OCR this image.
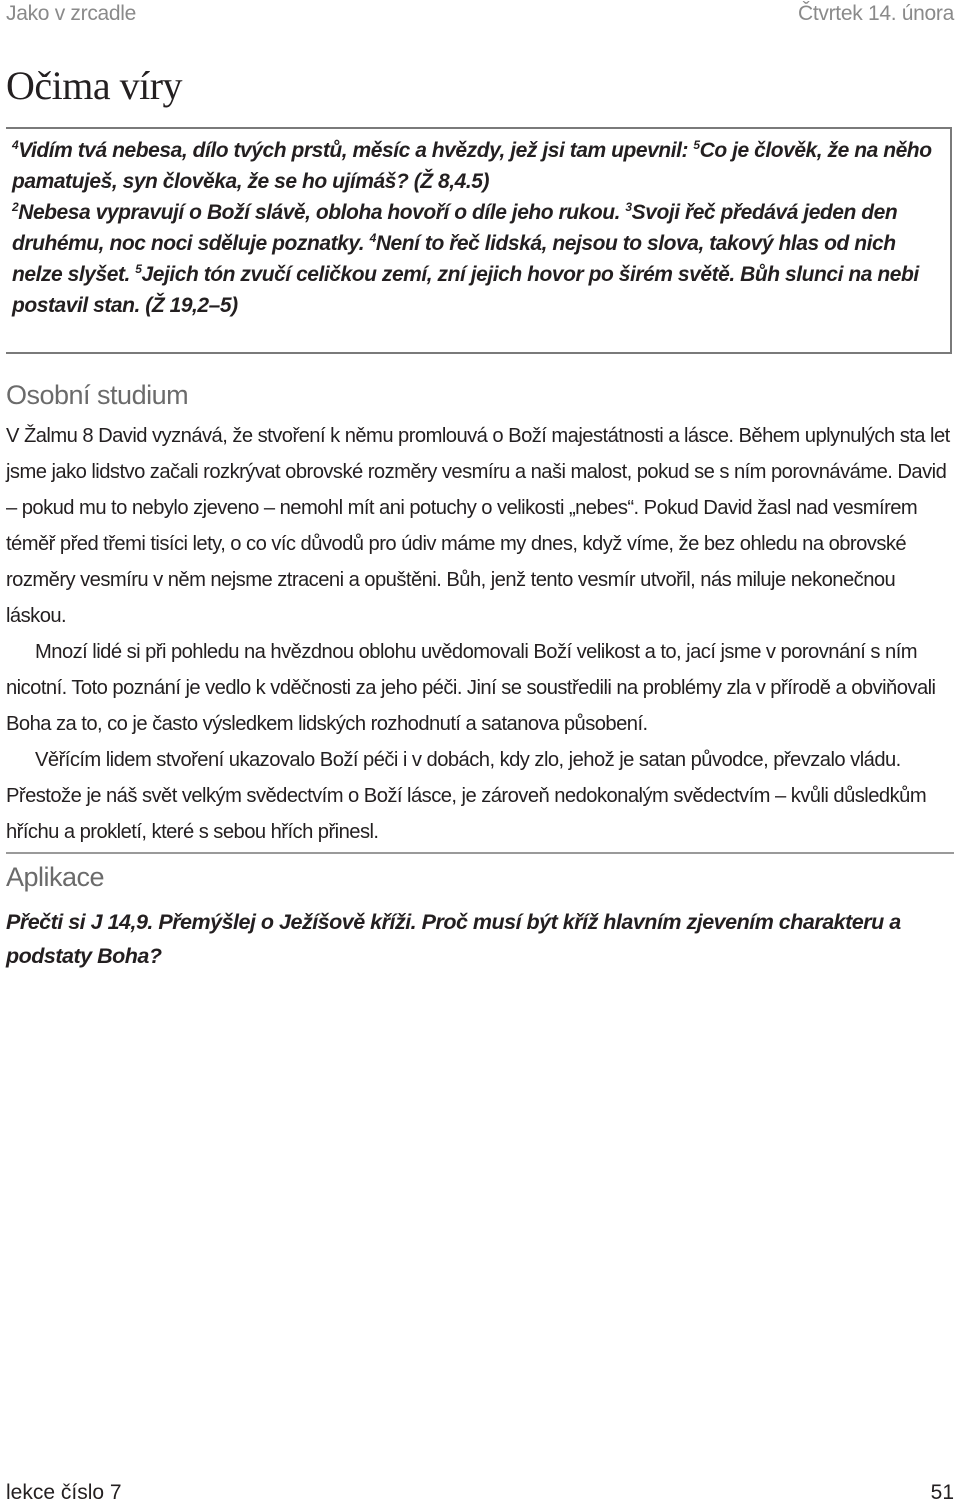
Jako v zrcadle	Čtvrtek 14. února
Očima víry

$^4$Vidím tvá nebesa, dílo tvých prstů, měsíc a hvězdy, jež jsi tam upevnil: $^5$Co je člověk, že na něho pamatuješ, syn člověka, že se ho ujímáš? (Ž 8,4.5)

$^2$Nebesa vypravují o Boží slávě, obloha hovoří o díle jeho rukou. $^3$Svoji řeč předává jeden den druhému, noc noci sděluje poznatky. $^4$Není to řeč lidská, nejsou to slova, takový hlas od nich nelze slyšet. $^5$Jejich tón zvučí celičkou zemí, zní jejich hovor po širém světě. Bůh slunci na nebi postavil stan. (Ž 19,2–5)

Osobní studium

V Žalmu 8 David vyznává, že stvoření k němu promlouvá o Boží majestátnosti a lásce. Během uplynulých sta let jsme jako lidstvo začali rozkrývat obrovské rozměry vesmíru a naši malost, pokud se s ním porovnáváme. David – pokud mu to nebylo zjeveno – nemohl mít ani potuchy o velikosti „nebes“. Pokud David žasl nad vesmírem téměř před třemi tisíci lety, o co víc důvodů pro údiv máme my dnes, když víme, že bez ohledu na obrovské rozměry vesmíru v něm nejsme ztraceni a opuštěni. Bůh, jenž tento vesmír utvořil, nás miluje nekonečnou láskou.

Mnozí lidé si při pohledu na hvězdnou oblohu uvědomovali Boží velikost a to, jací jsme v porovnání s ním nicotní. Toto poznání je vedlo k vděčnosti za jeho péči. Jiní se soustředili na problémy zla v přírodě a obviňovali Boha za to, co je často výsledkem lidských rozhodnutí a satanova působení.

Věřícím lidem stvoření ukazovalo Boží péči i v dobách, kdy zlo, jehož je satan původce, převzalo vládu. Přestože je náš svět velkým svědectvím o Boží lásce, je zároveň nedokonalým svědectvím – kvůli důsledkům hříchu a prokletí, které s sebou hřích přinesl.

Aplikace

Přečti si J 14,9. Přemýšlej o Ježíšově kříži. Proč musí být kříž hlavním zjevením charakteru a podstaty Boha?

lekce číslo 7	51
